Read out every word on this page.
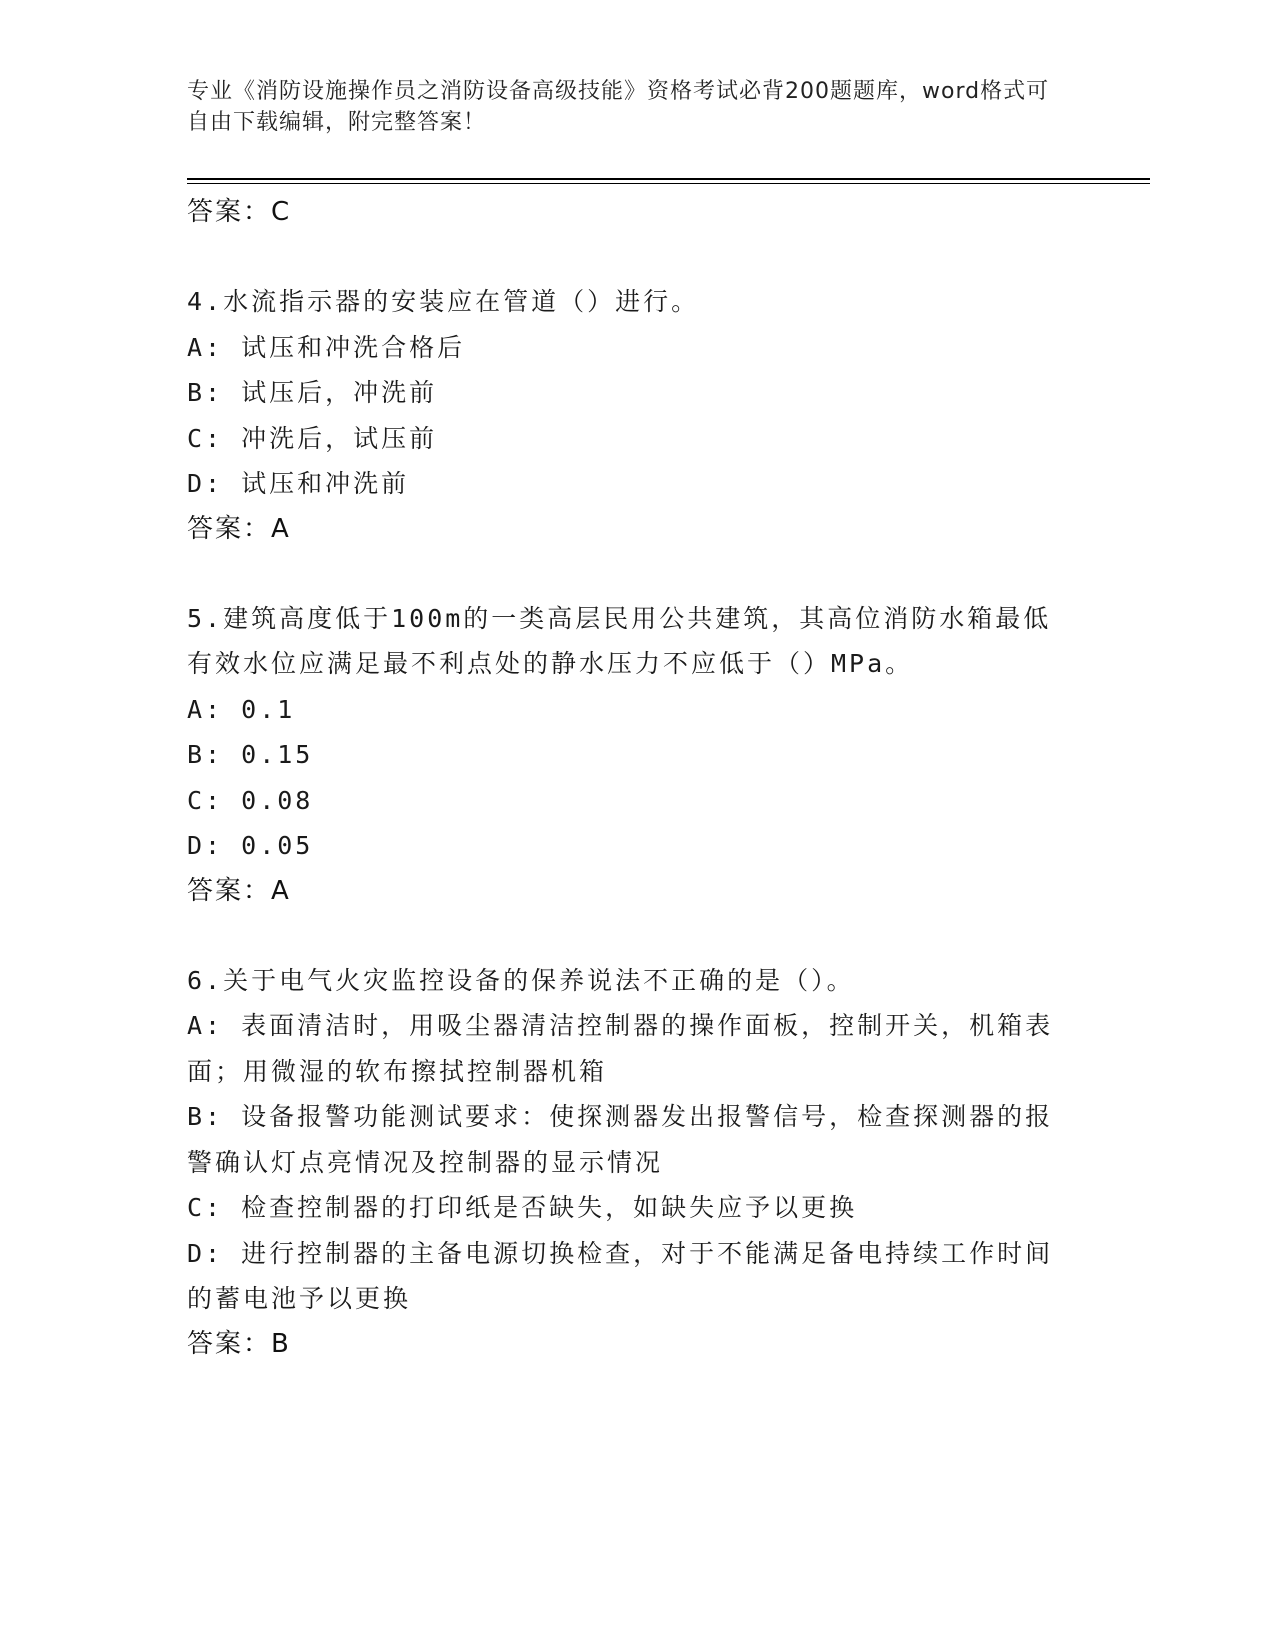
专业《消防设施操作员之消防设备高级技能》资格考试必背200题题库，word格式可自由下载编辑，附完整答案！
答案：C
4.水流指示器的安装应在管道（）进行。
A: 试压和冲洗合格后
B: 试压后，冲洗前
C: 冲洗后，试压前
D: 试压和冲洗前
答案：A
5.建筑高度低于100m的一类高层民用公共建筑，其高位消防水箱最低
有效水位应满足最不利点处的静水压力不应低于（）MPa。
A: 0.1
B: 0.15
C: 0.08
D: 0.05
答案：A
6.关于电气火灾监控设备的保养说法不正确的是（）。
A: 表面清洁时，用吸尘器清洁控制器的操作面板，控制开关，机箱表
面；用微湿的软布擦拭控制器机箱
B: 设备报警功能测试要求：使探测器发出报警信号，检查探测器的报
警确认灯点亮情况及控制器的显示情况
C: 检查控制器的打印纸是否缺失，如缺失应予以更换
D: 进行控制器的主备电源切换检查，对于不能满足备电持续工作时间
的蓄电池予以更换
答案：B
